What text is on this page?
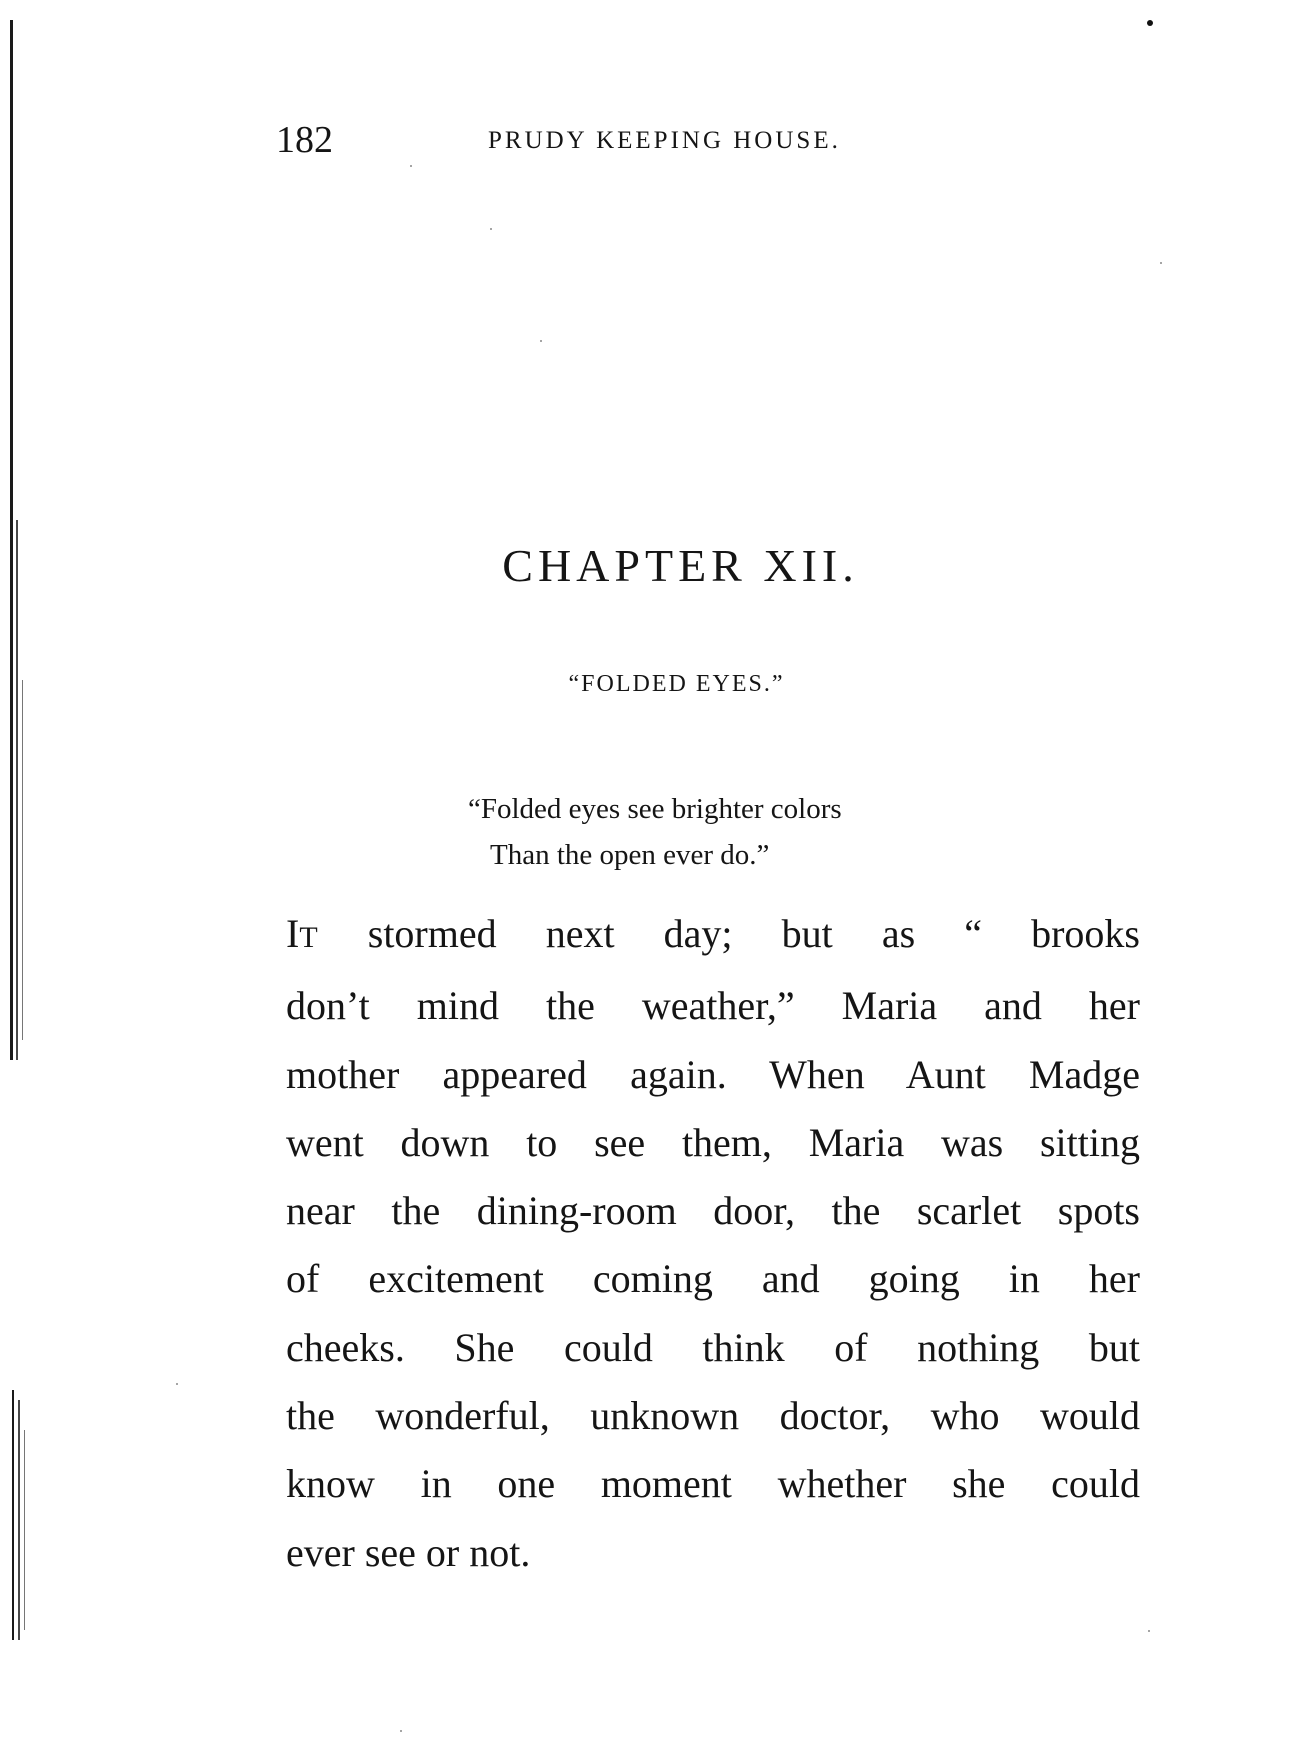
182	PRUDY KEEPING HOUSE.
CHAPTER XII.
“FOLDED EYES.”
“Folded eyes see brighter colors
Than the open ever do.”
IT stormed next day; but as “ brooks
don’t mind the weather,” Maria and her
mother appeared again. When Aunt Madge
went down to see them, Maria was sitting
near the dining-room door, the scarlet spots
of excitement coming and going in her
cheeks. She could think of nothing but
the wonderful, unknown doctor, who would
know in one moment whether she could
ever see or not.
